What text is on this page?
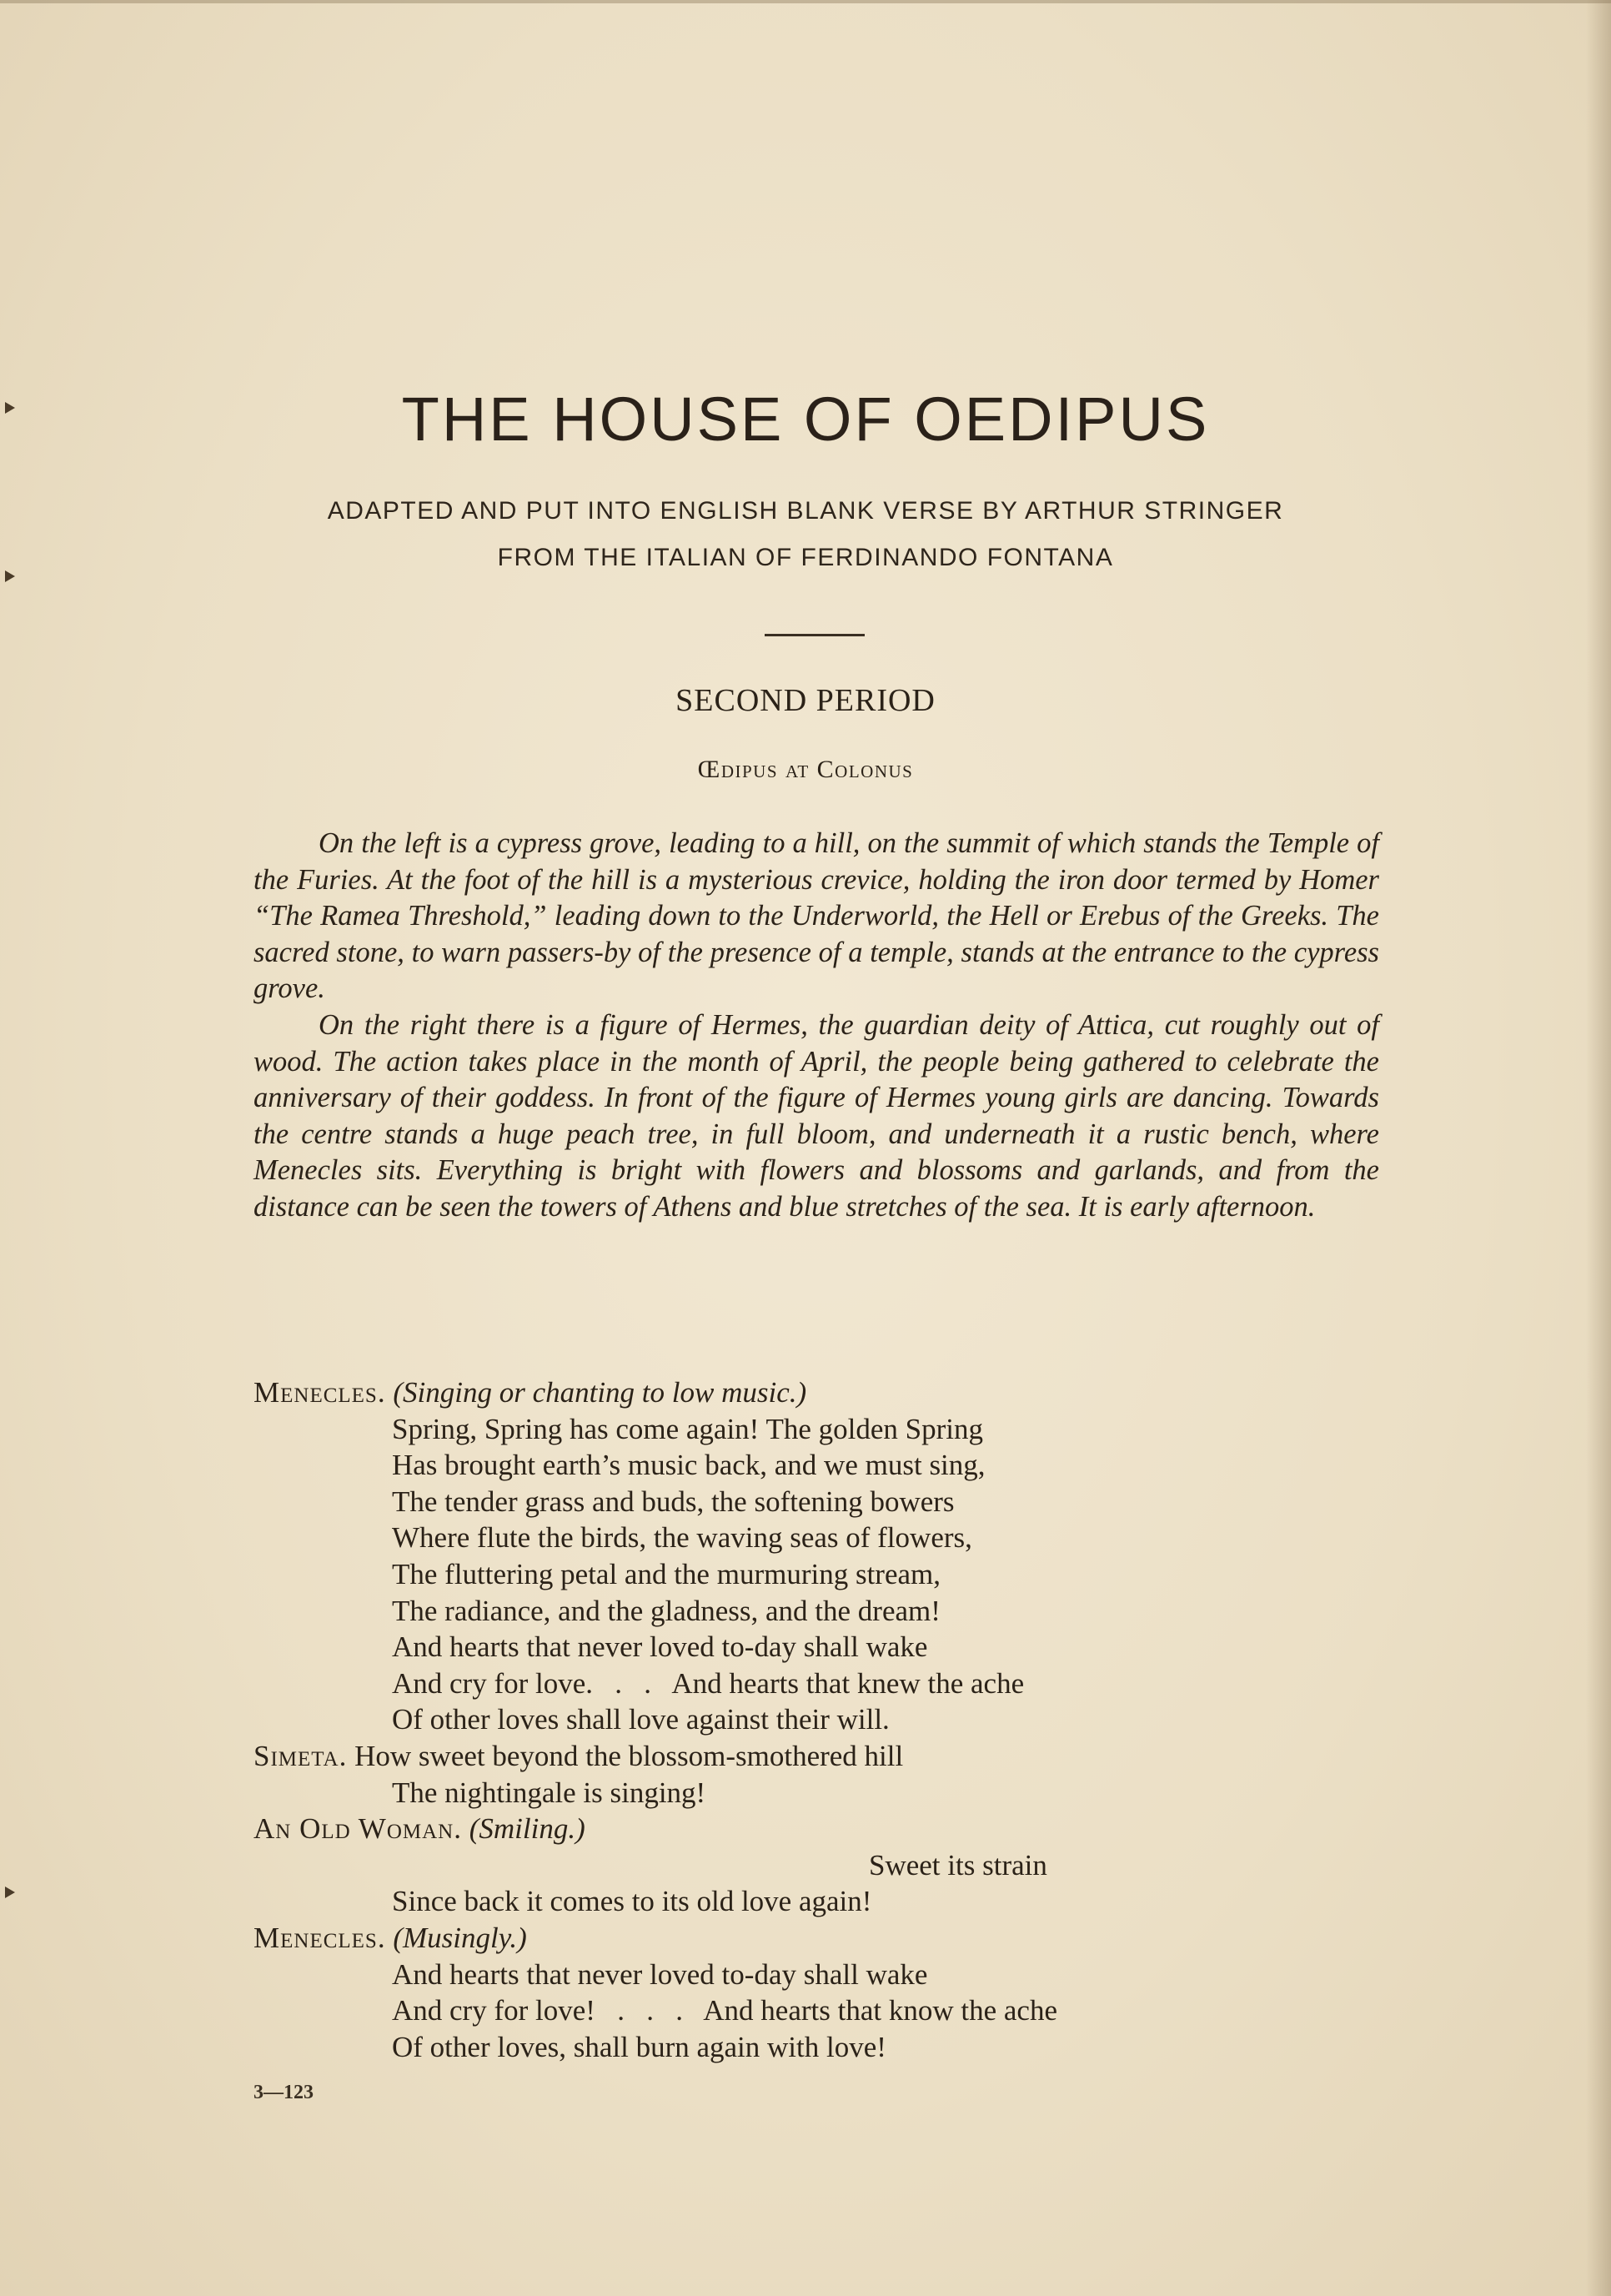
THE HOUSE OF OEDIPUS
ADAPTED AND PUT INTO ENGLISH BLANK VERSE BY ARTHUR STRINGER
FROM THE ITALIAN OF FERDINANDO FONTANA
SECOND PERIOD
Œdipus at Colonus

On the left is a cypress grove, leading to a hill, on the summit of which stands the Temple of the Furies. At the foot of the hill is a mysterious crevice, holding the iron door termed by Homer “The Ramea Threshold,” leading down to the Underworld, the Hell or Erebus of the Greeks. The sacred stone, to warn passers-by of the presence of a temple, stands at the entrance to the cypress grove.

On the right there is a figure of Hermes, the guardian deity of Attica, cut roughly out of wood. The action takes place in the month of April, the people being gathered to celebrate the anniversary of their goddess. In front of the figure of Hermes young girls are dancing. Towards the centre stands a huge peach tree, in full bloom, and underneath it a rustic bench, where Menecles sits. Everything is bright with flowers and blossoms and garlands, and from the distance can be seen the towers of Athens and blue stretches of the sea. It is early afternoon.

Menecles. (Singing or chanting to low music.)
Spring, Spring has come again! The golden Spring
Has brought earth’s music back, and we must sing,
The tender grass and buds, the softening bowers
Where flute the birds, the waving seas of flowers,
The fluttering petal and the murmuring stream,
The radiance, and the gladness, and the dream!
And hearts that never loved to-day shall wake
And cry for love.   .   .   And hearts that knew the ache
Of other loves shall love against their will.
Simeta. How sweet beyond the blossom-smothered hill
The nightingale is singing!
An Old Woman. (Smiling.)
Sweet its strain
Since back it comes to its old love again!
Menecles. (Musingly.)
And hearts that never loved to-day shall wake
And cry for love!   .   .   .   And hearts that know the ache
Of other loves, shall burn again with love!
3—123
